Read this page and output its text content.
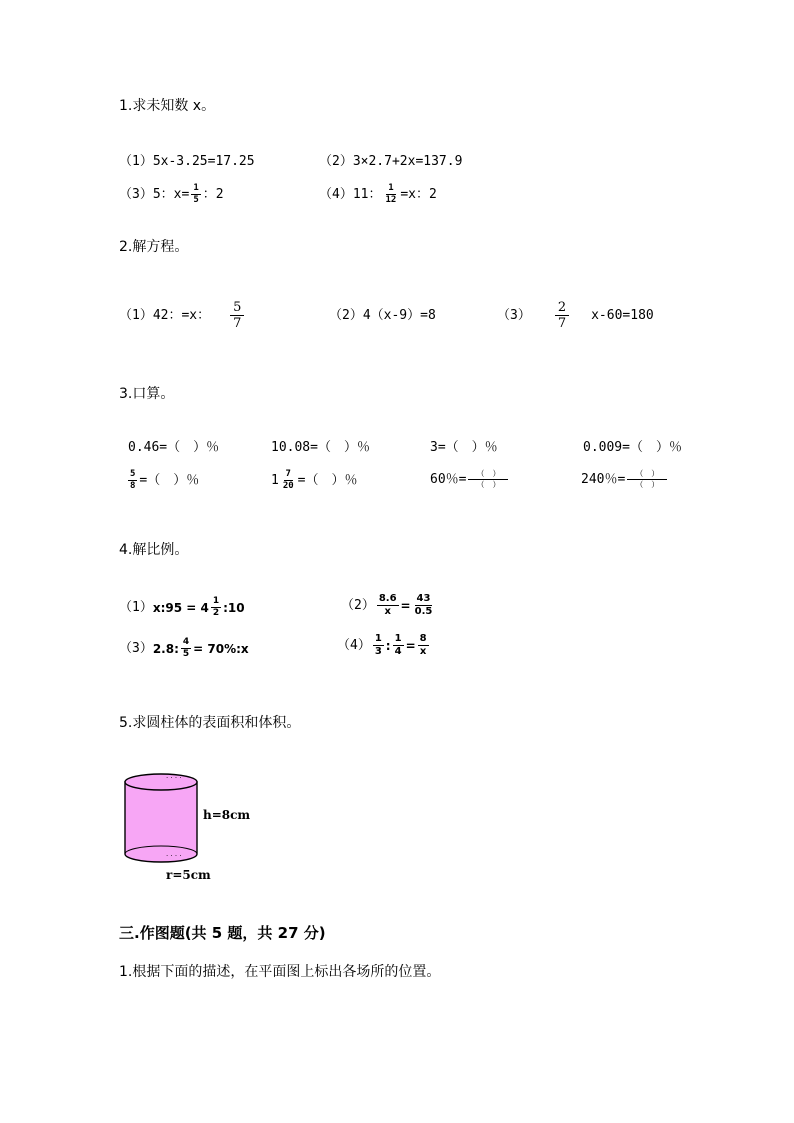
1.求未知数 x。
（1）5x-3.25=17.25	（2）3×2.7+2x=137.9
（3）5：$x= \frac{1}{5}$ ：2	（4）11： $\frac{1}{12} =x$：2
2.解方程。
（1）42：=x： $\frac{5}{7}$	（2）4（x-9）=8	$(3) \frac{2}{7} x-60=180$
3.口算。
0.46=（　）％	10.08=（　）％	3=（　）％	0.009=（　）％
$\frac{5}{8}$ =（　）％	$1 \frac{7}{20}$ =（　）％	60％= $\frac{( )}{( )}$	240％= $\frac{( )}{( )}$
4.解比例。
（1） x:95 = $4 \frac{1}{2}$ :10	$(2) \frac{8.6}{x} = \frac{43}{0.5}$
（3） 2.8: $\frac{4}{5}$ = 70%:x	$(4) \frac{1}{3}$ : $\frac{1}{4} = \frac{8}{x}$
5.求圆柱体的表面积和体积。
· · · ·
· · · ·
h=8cm
r=5cm
三.作图题(共 5 题，共 27 分)
1.根据下面的描述，在平面图上标出各场所的位置。
